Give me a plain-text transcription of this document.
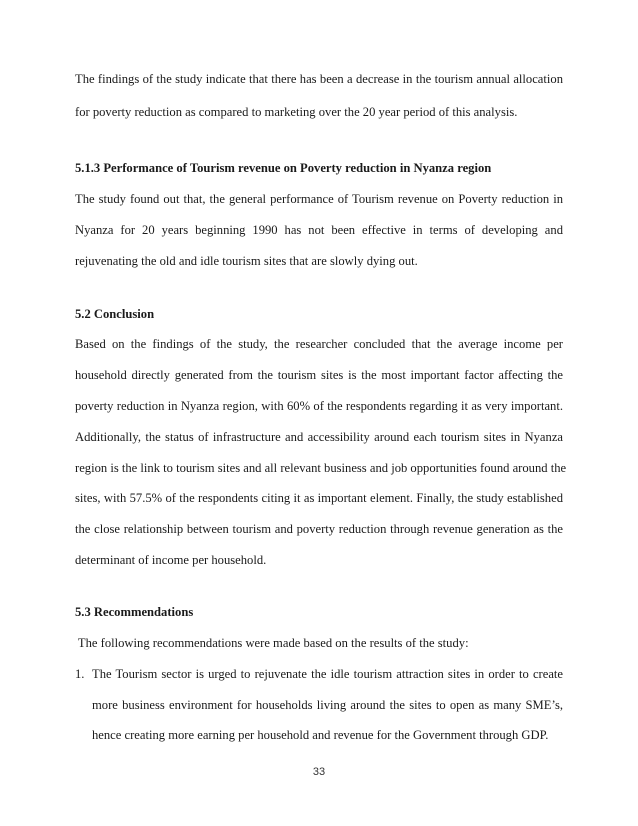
The findings of the study indicate that there has been a decrease in the tourism annual allocation
for poverty reduction as compared to marketing over the 20 year period of this analysis.
5.1.3 Performance of Tourism revenue on Poverty reduction in Nyanza region
The study found out that, the general performance of Tourism revenue on Poverty reduction in
Nyanza for 20 years beginning 1990 has not been effective in terms of developing and
rejuvenating the old and idle tourism sites that are slowly dying out.
5.2 Conclusion
Based on the findings of the study, the researcher concluded that the average income per
household directly generated from the tourism sites is the most important factor affecting the
poverty reduction in Nyanza region, with 60% of the respondents regarding it as very important.
Additionally, the status of infrastructure and accessibility around each tourism sites in Nyanza
region is the link to tourism sites and all relevant business and job opportunities found around the
sites, with 57.5% of the respondents citing it as important element. Finally, the study established
the close relationship between tourism and poverty reduction through revenue generation as the
determinant of income per household.
5.3 Recommendations
The following recommendations were made based on the results of the study:
1. The Tourism sector is urged to rejuvenate the idle tourism attraction sites in order to create
more business environment for households living around the sites to open as many SME’s,
hence creating more earning per household and revenue for the Government through GDP.
33
